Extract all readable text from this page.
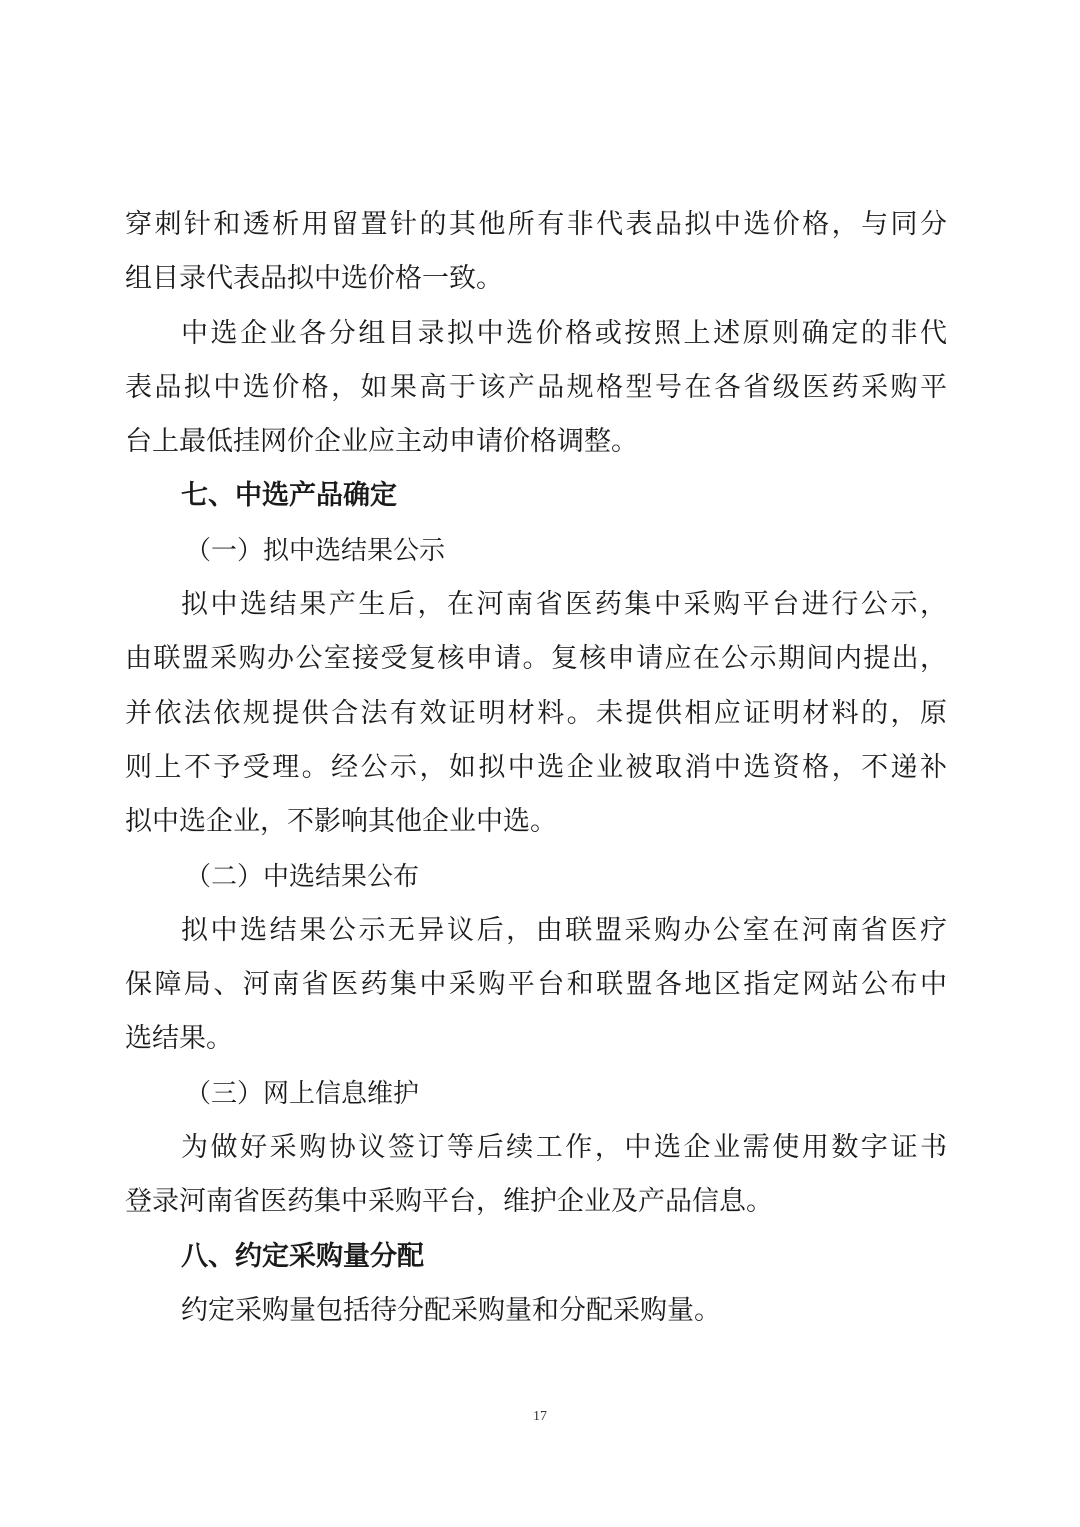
穿刺针和透析用留置针的其他所有非代表品拟中选价格，与同分
组目录代表品拟中选价格一致。
中选企业各分组目录拟中选价格或按照上述原则确定的非代
表品拟中选价格，如果高于该产品规格型号在各省级医药采购平
台上最低挂网价企业应主动申请价格调整。
七、中选产品确定
（一）拟中选结果公示
拟中选结果产生后，在河南省医药集中采购平台进行公示，
由联盟采购办公室接受复核申请。复核申请应在公示期间内提出，
并依法依规提供合法有效证明材料。未提供相应证明材料的，原
则上不予受理。经公示，如拟中选企业被取消中选资格，不递补
拟中选企业，不影响其他企业中选。
（二）中选结果公布
拟中选结果公示无异议后，由联盟采购办公室在河南省医疗
保障局、河南省医药集中采购平台和联盟各地区指定网站公布中
选结果。
（三）网上信息维护
为做好采购协议签订等后续工作，中选企业需使用数字证书
登录河南省医药集中采购平台，维护企业及产品信息。
八、约定采购量分配
约定采购量包括待分配采购量和分配采购量。
17
